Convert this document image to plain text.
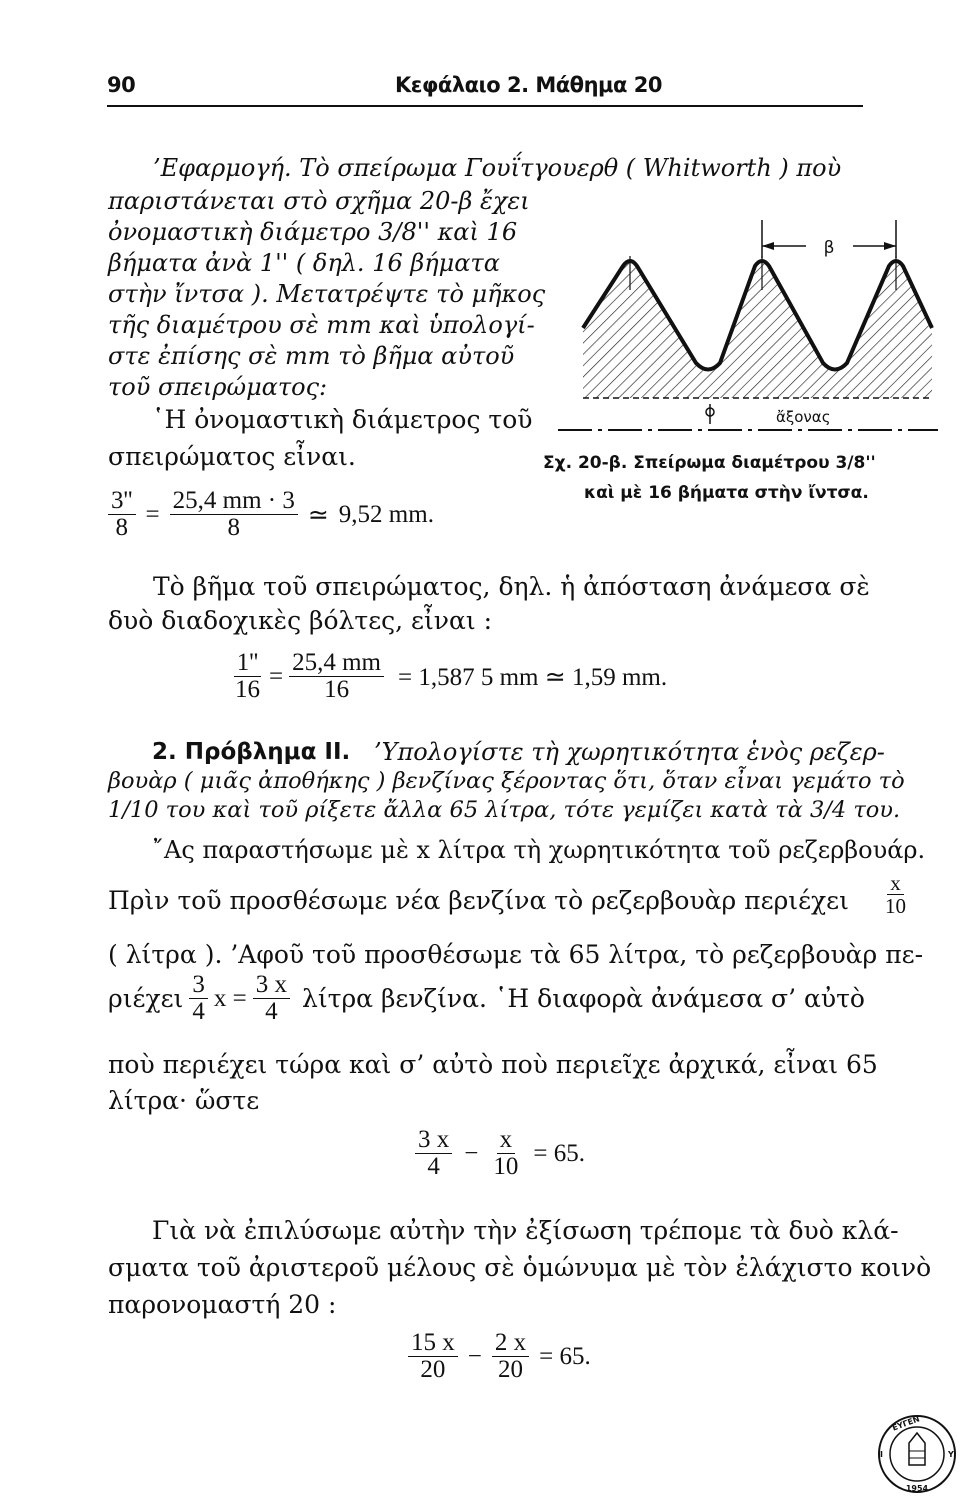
90	Κεφάλαιο 2. Μάθημα 20
’Εφαρμογή. Τὸ σπείρωμα Γουΐτγουερθ ( Whitworth ) ποὺ
παριστάνεται στὸ σχῆμα 20-β ἔχει
ὀνομαστικὴ διάμετρο 3/8'' καὶ 16
βήματα ἀνὰ 1'' ( δηλ. 16 βήματα
στὴν ἴντσα ). Μετατρέψτε τὸ μῆκος
τῆς διαμέτρου σὲ mm καὶ ὑπολογί-
στε ἐπίσης σὲ mm τὸ βῆμα αὐτοῦ
τοῦ σπειρώματος:
῾Η ὀνομαστικὴ διάμετρος τοῦ
σπειρώματος εἶναι.
$\frac{3''}{8} = \frac{25,4 mm \cdot 3}{8}$ ≃ 9,52 mm.
β
ἄξονας
Σχ. 20-β. Σπείρωμα διαμέτρου 3/8''
καὶ μὲ 16 βήματα στὴν ἴντσα.
Τὸ βῆμα τοῦ σπειρώματος, δηλ. ἡ ἀπόσταση ἀνάμεσα σὲ
δυὸ διαδοχικὲς βόλτες, εἶναι :
$\frac{1''}{16} = \frac{25,4 mm}{16} = 1,587$ 5 mm ≃ 1,59 mm.
2. Πρόβλημα ΙΙ. ’Υπολογίστε τὴ χωρητικότητα ἑνὸς ρεζερ-
βουὰρ ( μιᾶς ἀποθήκης ) βενζίνας ξέροντας ὅτι, ὅταν εἶναι γεμάτο τὸ
1/10 του καὶ τοῦ ρίξετε ἄλλα 65 λίτρα, τότε γεμίζει κατὰ τὰ 3/4 του.
῎Ας παραστήσωμε μὲ x λίτρα τὴ χωρητικότητα τοῦ ρεζερβουάρ.
Πρὶν τοῦ προσθέσωμε νέα βενζίνα τὸ ρεζερβουὰρ περιέχει $\frac{x}{10}$
( λίτρα ). ’Αφοῦ τοῦ προσθέσωμε τὰ 65 λίτρα, τὸ ρεζερβουὰρ πε-
ριέχει $\frac{3}{4}$ $x = \frac{3 x}{4}$ λίτρα βενζίνα. ῾Η διαφορὰ ἀνάμεσα σ’ αὐτὸ
ποὺ περιέχει τώρα καὶ σ’ αὐτὸ ποὺ περιεῖχε ἀρχικά, εἶναι 65
λίτρα· ὥστε
$\frac{3 x}{4} - \frac{x}{10} = 65$.
Γιὰ νὰ ἐπιλύσωμε αὐτὴν τὴν ἐξίσωση τρέπομε τὰ δυὸ κλά-
σματα τοῦ ἀριστεροῦ μέλους σὲ ὁμώνυμα μὲ τὸν ἐλάχιστο κοινὸ
παρονομαστή 20 :
$\frac{15 x}{20} - \frac{2 x}{20} = 65$.
ΕΥΓΕΝ
1954
Ι	Υ
